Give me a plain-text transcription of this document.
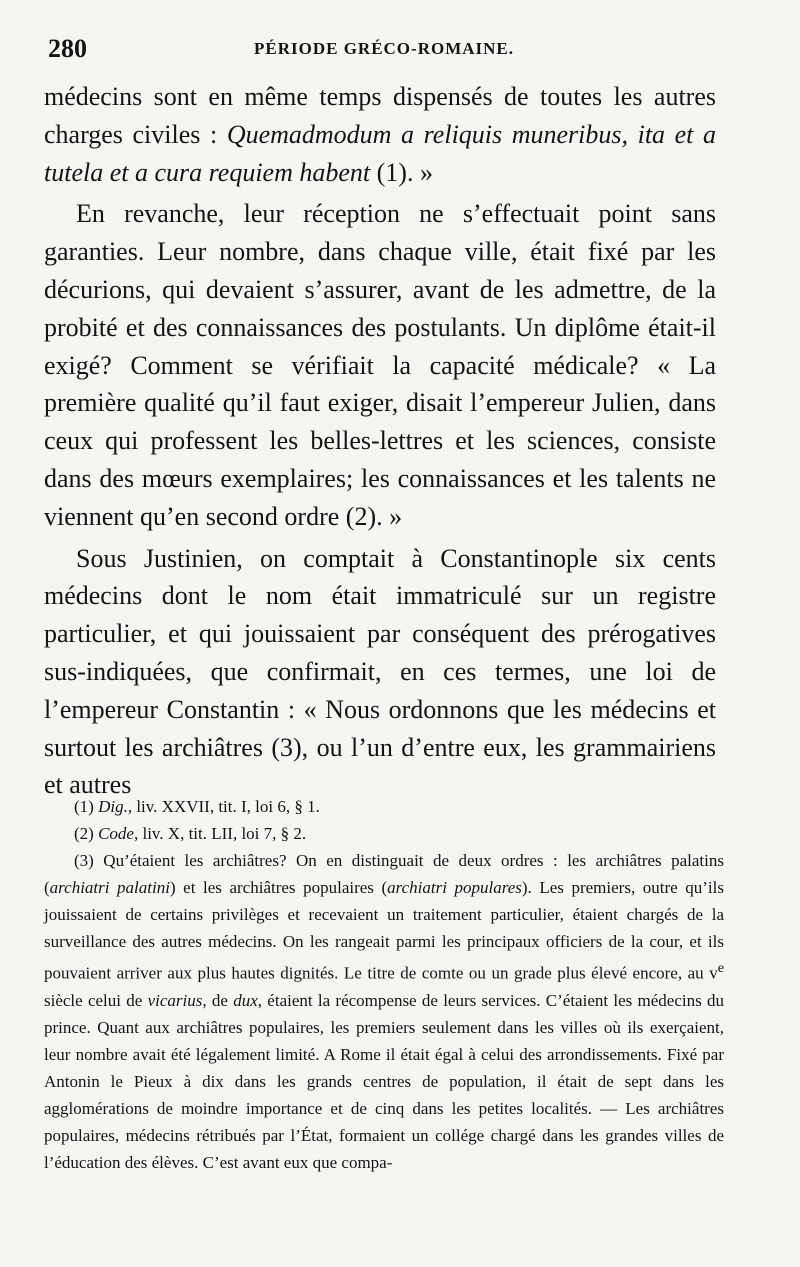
280	PÉRIODE GRÉCO-ROMAINE.

médecins sont en même temps dispensés de toutes les autres charges civiles : Quemadmodum a reliquis muneribus, ita et a tutela et a cura requiem habent (1). »

En revanche, leur réception ne s’effectuait point sans garanties. Leur nombre, dans chaque ville, était fixé par les décurions, qui devaient s’assurer, avant de les admettre, de la probité et des connaissances des postulants. Un diplôme était-il exigé? Comment se vérifiait la capacité médicale? « La première qualité qu’il faut exiger, disait l’empereur Julien, dans ceux qui professent les belles-lettres et les sciences, consiste dans des mœurs exemplaires; les connaissances et les talents ne viennent qu’en second ordre (2). »

Sous Justinien, on comptait à Constantinople six cents médecins dont le nom était immatriculé sur un registre particulier, et qui jouissaient par conséquent des prérogatives sus-indiquées, que confirmait, en ces termes, une loi de l’empereur Constantin : « Nous ordonnons que les médecins et surtout les archiâtres (3), ou l’un d’entre eux, les grammairiens et autres

(1) Dig., liv. XXVII, tit. I, loi 6, § 1.

(2) Code, liv. X, tit. LII, loi 7, § 2.

(3) Qu’étaient les archiâtres? On en distinguait de deux ordres : les archiâtres palatins (archiatri palatini) et les archiâtres populaires (archiatri populares). Les premiers, outre qu’ils jouissaient de certains privilèges et recevaient un traitement particulier, étaient chargés de la surveillance des autres médecins. On les rangeait parmi les principaux officiers de la cour, et ils pouvaient arriver aux plus hautes dignités. Le titre de comte ou un grade plus élevé encore, au $v^e$ siècle celui de vicarius, de dux, étaient la récompense de leurs services. C’étaient les médecins du prince. Quant aux archiâtres populaires, les premiers seulement dans les villes où ils exerçaient, leur nombre avait été légalement limité. A Rome il était égal à celui des arrondissements. Fixé par Antonin le Pieux à dix dans les grands centres de population, il était de sept dans les agglomérations de moindre importance et de cinq dans les petites localités. — Les archiâtres populaires, médecins rétribués par l’État, formaient un collége chargé dans les grandes villes de l’éducation des élèves. C’est avant eux que compa-
